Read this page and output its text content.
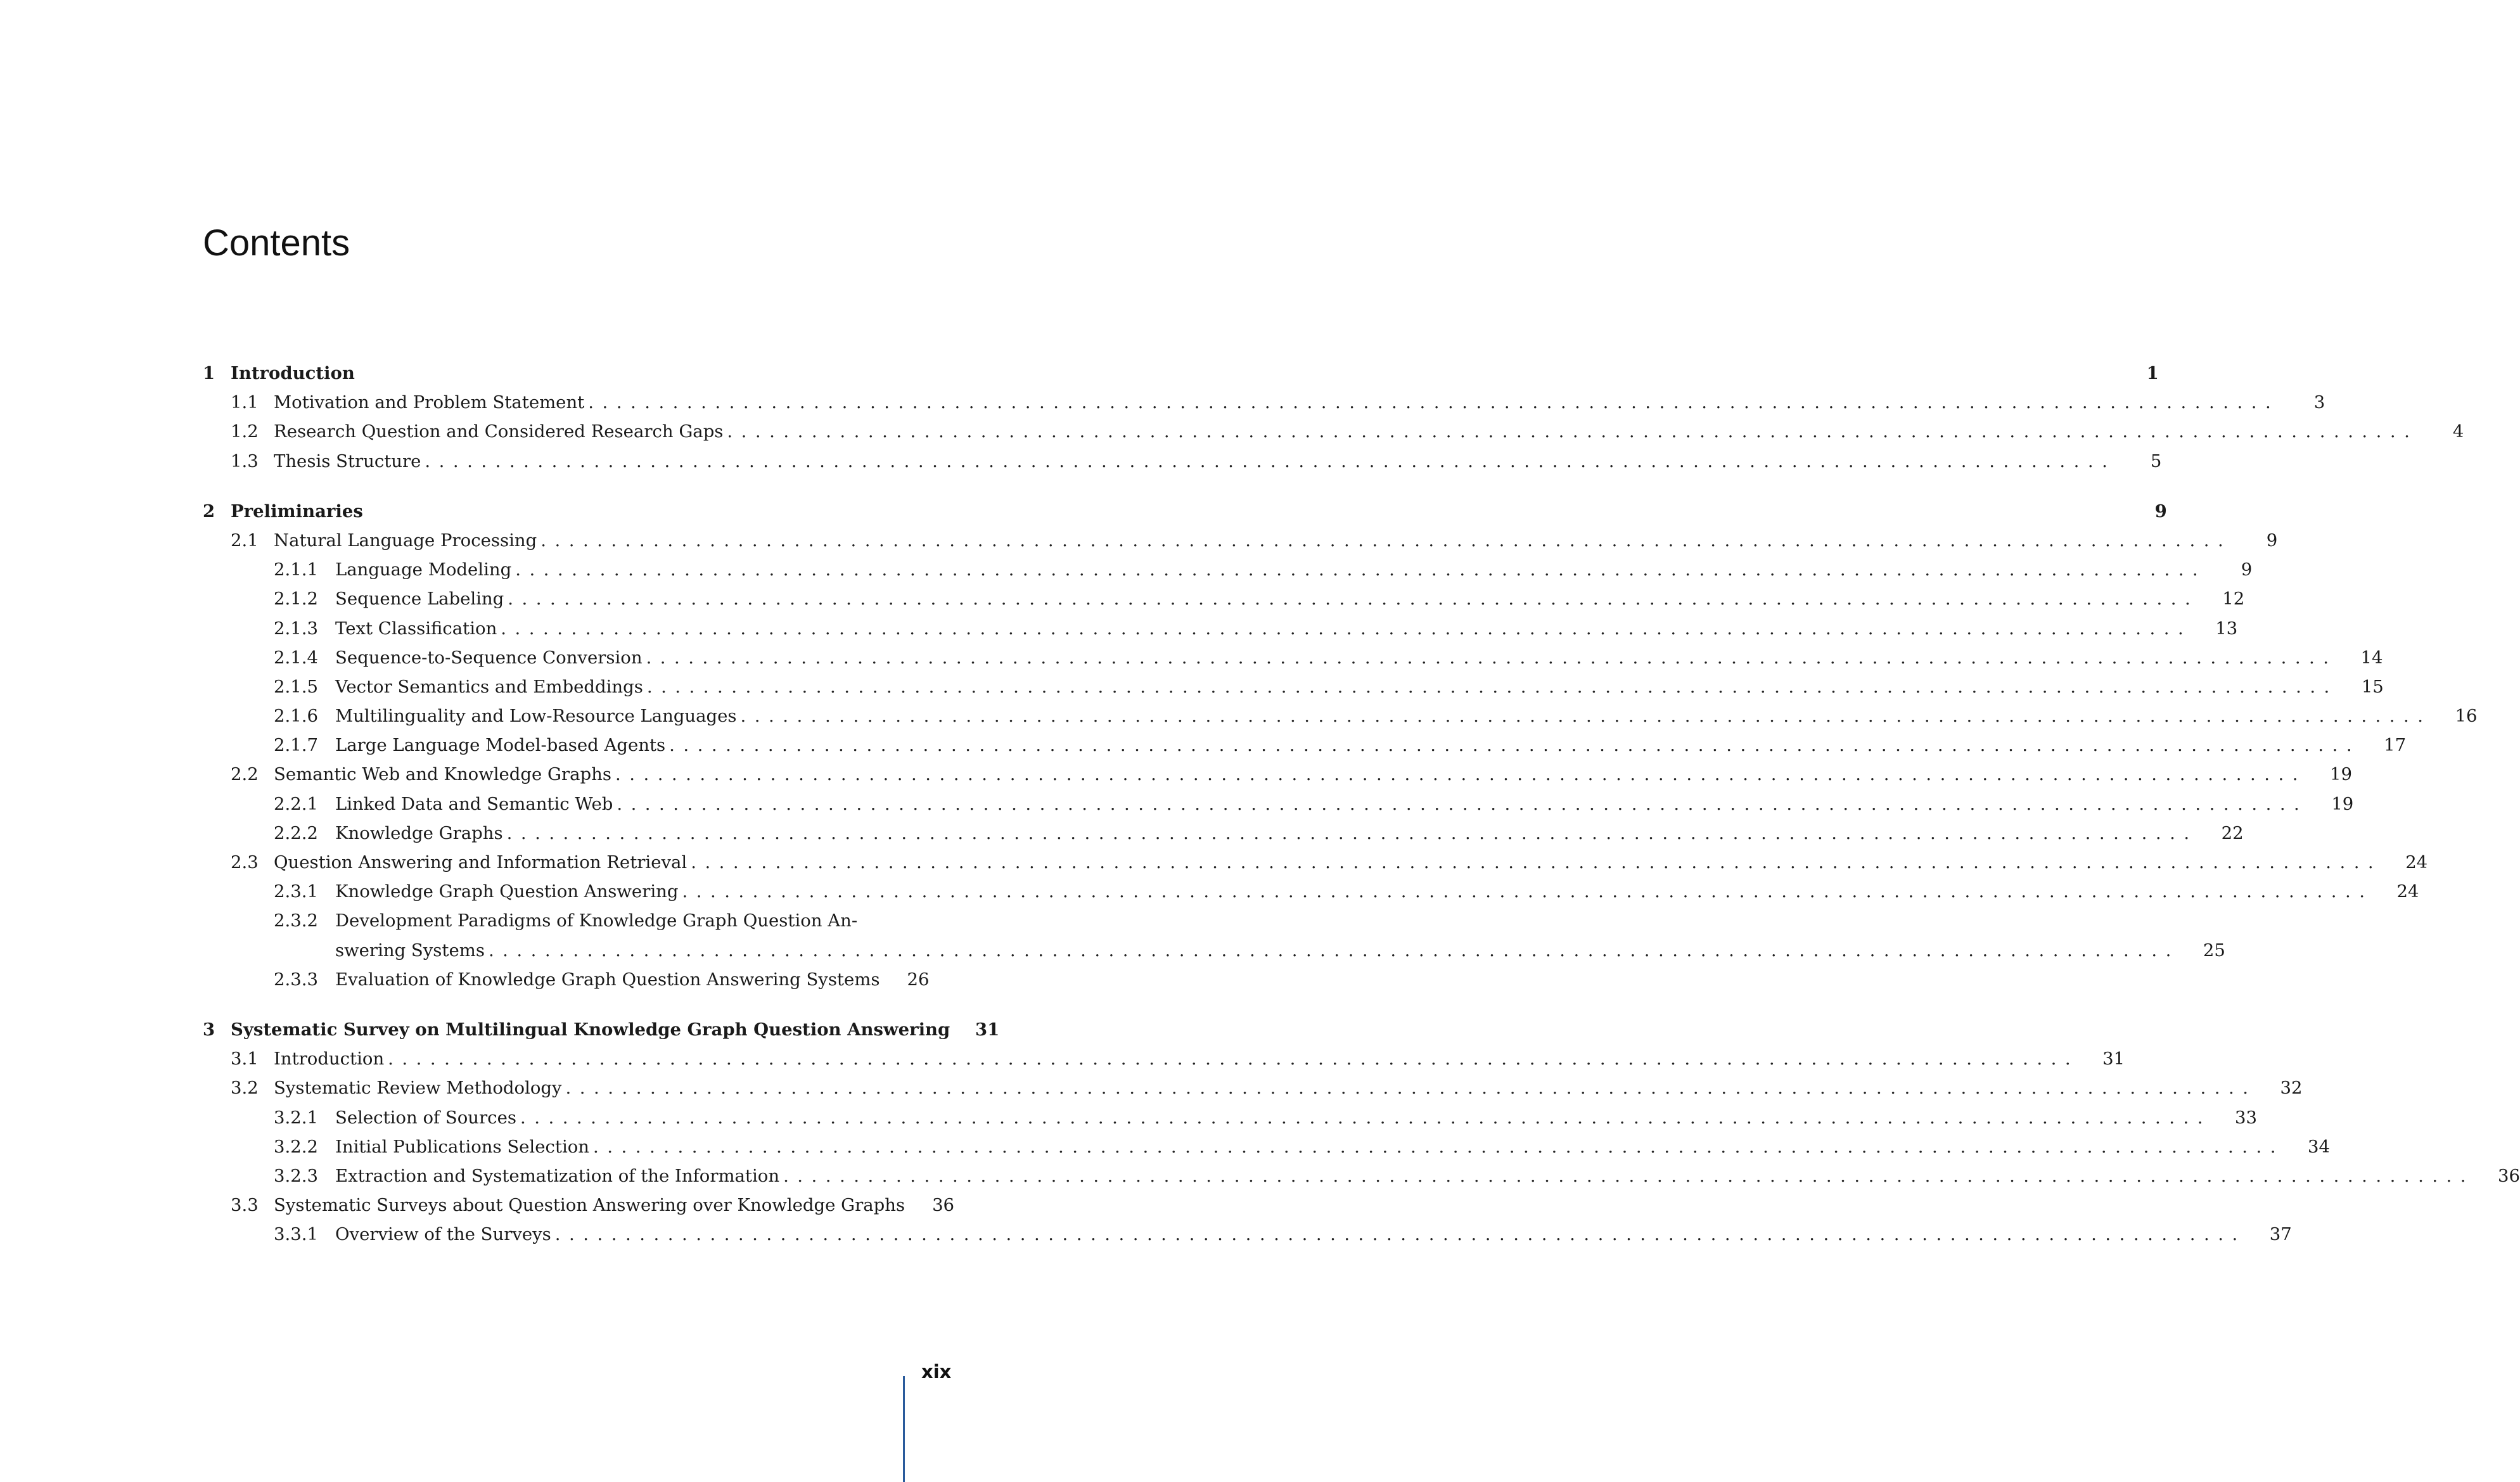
Contents
1 Introduction	1
1.1 Motivation and Problem Statement ........................................................................................................................	3
1.2 Research Question and Considered Research Gaps ........................................................................................................................	4
1.3 Thesis Structure ........................................................................................................................	5
2 Preliminaries	9
2.1 Natural Language Processing ........................................................................................................................	9
2.1.1 Language Modeling ........................................................................................................................	9
2.1.2 Sequence Labeling ........................................................................................................................	12
2.1.3 Text Classification ........................................................................................................................	13
2.1.4 Sequence-to-Sequence Conversion ........................................................................................................................	14
2.1.5 Vector Semantics and Embeddings ........................................................................................................................	15
2.1.6 Multilinguality and Low-Resource Languages ........................................................................................................................	16
2.1.7 Large Language Model-based Agents ........................................................................................................................	17
2.2 Semantic Web and Knowledge Graphs ........................................................................................................................	19
2.2.1 Linked Data and Semantic Web ........................................................................................................................	19
2.2.2 Knowledge Graphs ........................................................................................................................	22
2.3 Question Answering and Information Retrieval ........................................................................................................................	24
2.3.1 Knowledge Graph Question Answering ........................................................................................................................	24
2.3.2 Development Paradigms of Knowledge Graph Question An-
swering Systems ........................................................................................................................	25
2.3.3 Evaluation of Knowledge Graph Question Answering Systems	26
3 Systematic Survey on Multilingual Knowledge Graph Question Answering	31
3.1 Introduction ........................................................................................................................	31
3.2 Systematic Review Methodology ........................................................................................................................	32
3.2.1 Selection of Sources ........................................................................................................................	33
3.2.2 Initial Publications Selection ........................................................................................................................	34
3.2.3 Extraction and Systematization of the Information ........................................................................................................................	36
3.3 Systematic Surveys about Question Answering over Knowledge Graphs	36
3.3.1 Overview of the Surveys ........................................................................................................................	37
xix
